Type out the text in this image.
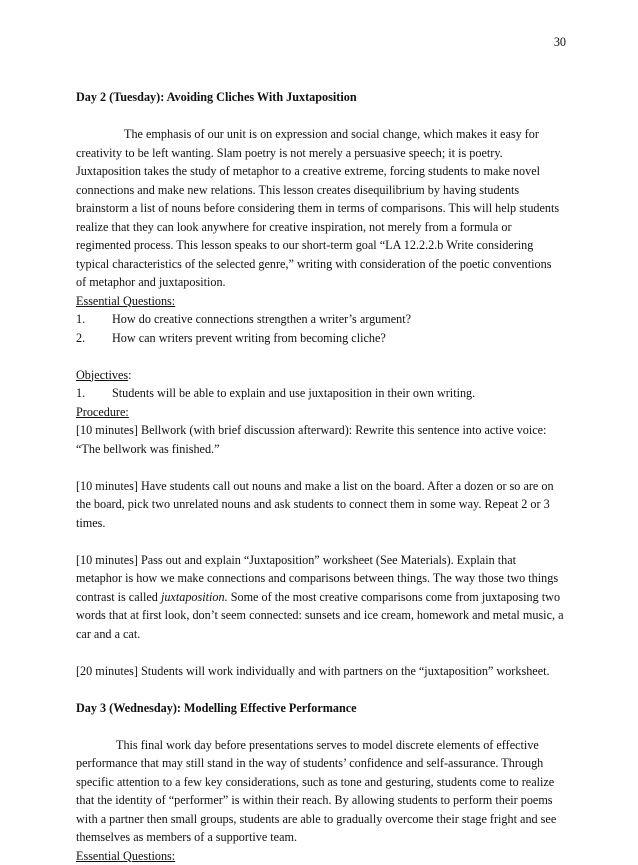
30

Day 2 (Tuesday): Avoiding Cliches With Juxtaposition

The emphasis of our unit is on expression and social change, which makes it easy for creativity to be left wanting. Slam poetry is not merely a persuasive speech; it is poetry. Juxtaposition takes the study of metaphor to a creative extreme, forcing students to make novel connections and make new relations. This lesson creates disequilibrium by having students brainstorm a list of nouns before considering them in terms of comparisons. This will help students realize that they can look anywhere for creative inspiration, not merely from a formula or regimented process. This lesson speaks to our short-term goal “LA 12.2.2.b Write considering typical characteristics of the selected genre,” writing with consideration of the poetic conventions of metaphor and juxtaposition.

Essential Questions:

1.	How do creative connections strengthen a writer’s argument?
2.	How can writers prevent writing from becoming cliche?

Objectives:

1.	Students will be able to explain and use juxtaposition in their own writing.

Procedure:

[10 minutes] Bellwork (with brief discussion afterward): Rewrite this sentence into active voice: “The bellwork was finished.”

[10 minutes] Have students call out nouns and make a list on the board. After a dozen or so are on the board, pick two unrelated nouns and ask students to connect them in some way. Repeat 2 or 3 times.

[10 minutes] Pass out and explain “Juxtaposition” worksheet (See Materials). Explain that metaphor is how we make connections and comparisons between things. The way those two things contrast is called juxtaposition. Some of the most creative comparisons come from juxtaposing two words that at first look, don’t seem connected: sunsets and ice cream, homework and metal music, a car and a cat.

[20 minutes] Students will work individually and with partners on the “juxtaposition” worksheet.

Day 3 (Wednesday): Modelling Effective Performance

This final work day before presentations serves to model discrete elements of effective performance that may still stand in the way of students’ confidence and self-assurance. Through specific attention to a few key considerations, such as tone and gesturing, students come to realize that the identity of “performer” is within their reach. By allowing students to perform their poems with a partner then small groups, students are able to gradually overcome their stage fright and see themselves as members of a supportive team.

Essential Questions:
